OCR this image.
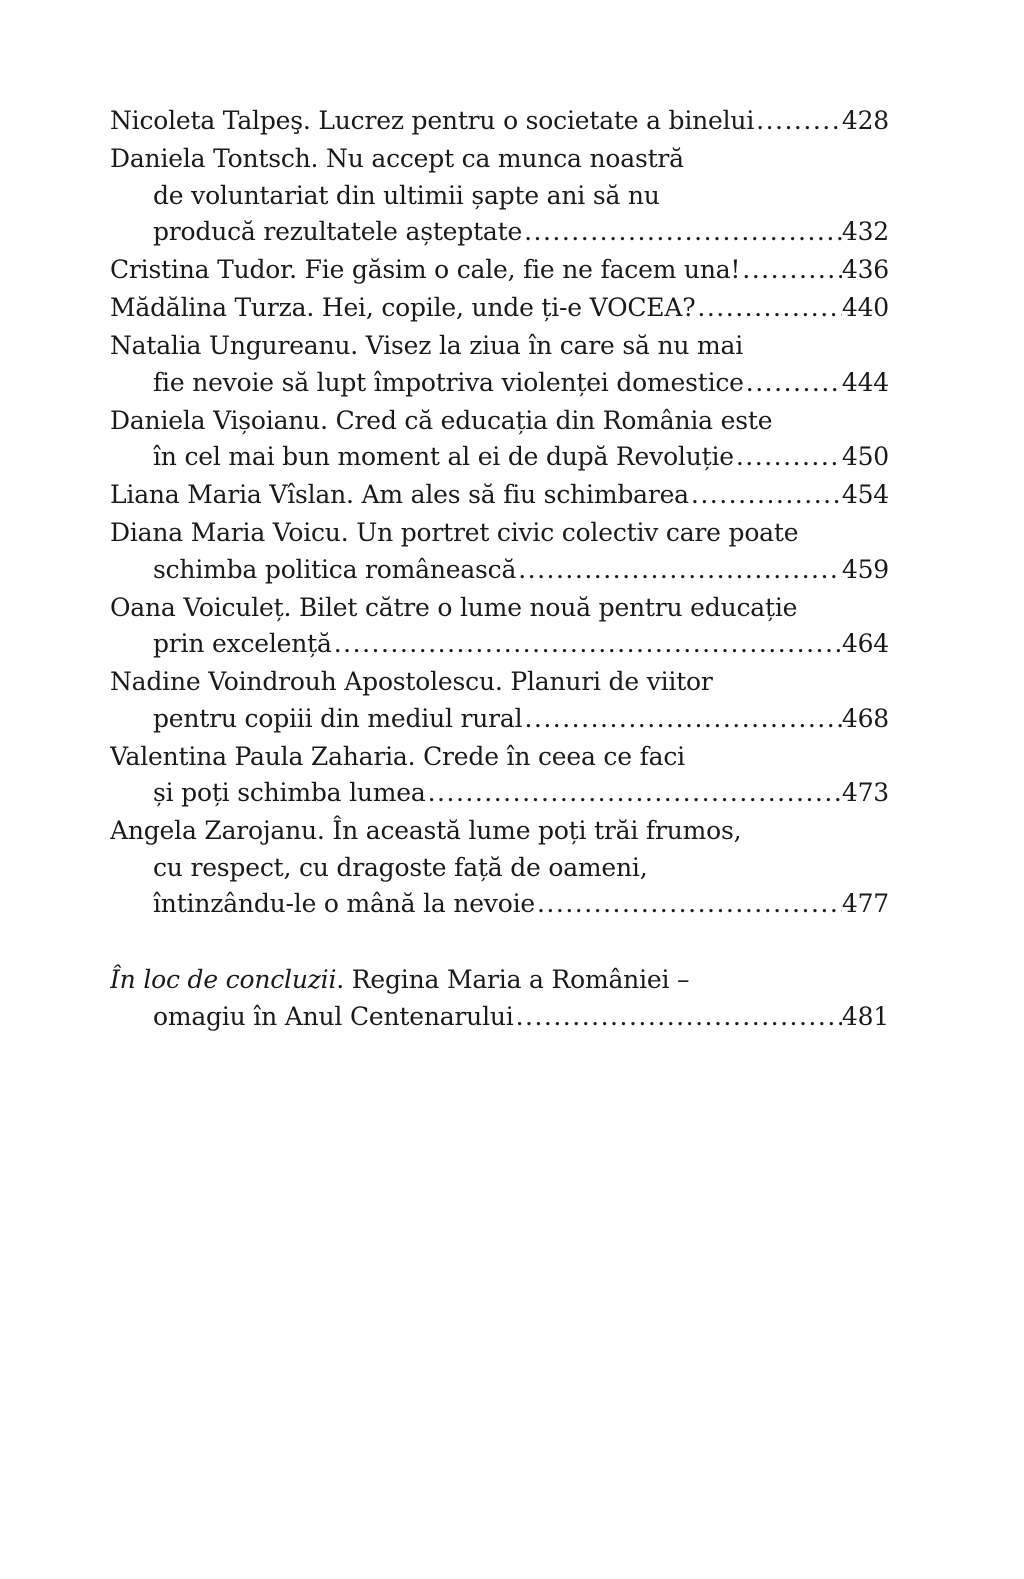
Nicoleta Talpeş. Lucrez pentru o societate a binelui .....	428
Daniela Tontsch. Nu accept ca munca noastră
de voluntariat din ultimii șapte ani să nu
producă rezultatele așteptate .....	432
Cristina Tudor. Fie găsim o cale, fie ne facem una! .....	436
Mădălina Turza. Hei, copile, unde ți-e VOCEA? .....	440
Natalia Ungureanu. Visez la ziua în care să nu mai
fie nevoie să lupt împotriva violenței domestice .....	444
Daniela Vișoianu. Cred că educația din România este
în cel mai bun moment al ei de după Revoluție .....	450
Liana Maria Vîslan. Am ales să fiu schimbarea .....	454
Diana Maria Voicu. Un portret civic colectiv care poate
schimba politica românească .....	459
Oana Voiculeț. Bilet către o lume nouă pentru educație
prin excelență .....	464
Nadine Voindrouh Apostolescu. Planuri de viitor
pentru copiii din mediul rural .....	468
Valentina Paula Zaharia. Crede în ceea ce faci
și poți schimba lumea .....	473
Angela Zarojanu. În această lume poți trăi frumos,
cu respect, cu dragoste față de oameni,
întinzându-le o mână la nevoie .....	477
În loc de concluzii. Regina Maria a României –
omagiu în Anul Centenarului .....	481
